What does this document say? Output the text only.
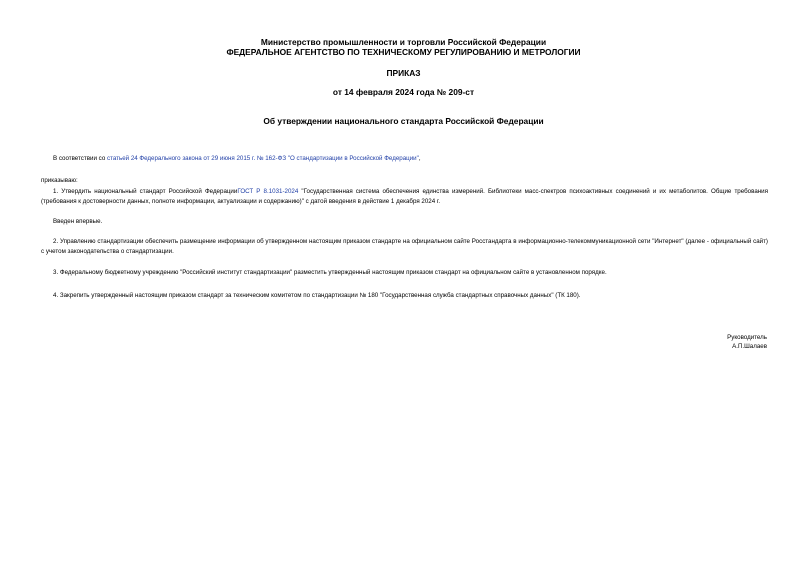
Министерство промышленности и торговли Российской Федерации
ФЕДЕРАЛЬНОЕ АГЕНТСТВО ПО ТЕХНИЧЕСКОМУ РЕГУЛИРОВАНИЮ И МЕТРОЛОГИИ
ПРИКАЗ
от 14 февраля 2024 года № 209-ст
Об утверждении национального стандарта Российской Федерации
В соответствии со статьей 24 Федерального закона от 29 июня 2015 г. № 162-ФЗ "О стандартизации в Российской Федерации",
приказываю:
1. Утвердить национальный стандарт Российской ФедерацииГОСТ Р 8.1031-2024 "Государственная система обеспечения единства измерений. Библиотеки масс-спектров психоактивных соединений и их метаболитов. Общие требования (требования к достоверности данных, полноте информации, актуализации и содержанию)" с датой введения в действие 1 декабря 2024 г.
Введен впервые.
2. Управлению стандартизации обеспечить размещение информации об утвержденном настоящим приказом стандарте на официальном сайте Росстандарта в информационно-телекоммуникационной сети "Интернет" (далее - официальный сайт) с учетом законодательства о стандартизации.
3. Федеральному бюджетному учреждению "Российский институт стандартизации" разместить утвержденный настоящим приказом стандарт на официальном сайте в установленном порядке.
4. Закрепить утвержденный настоящим приказом стандарт за техническим комитетом по стандартизации № 180 "Государственная служба стандартных справочных данных" (ТК 180).
Руководитель
А.П.Шалаев
